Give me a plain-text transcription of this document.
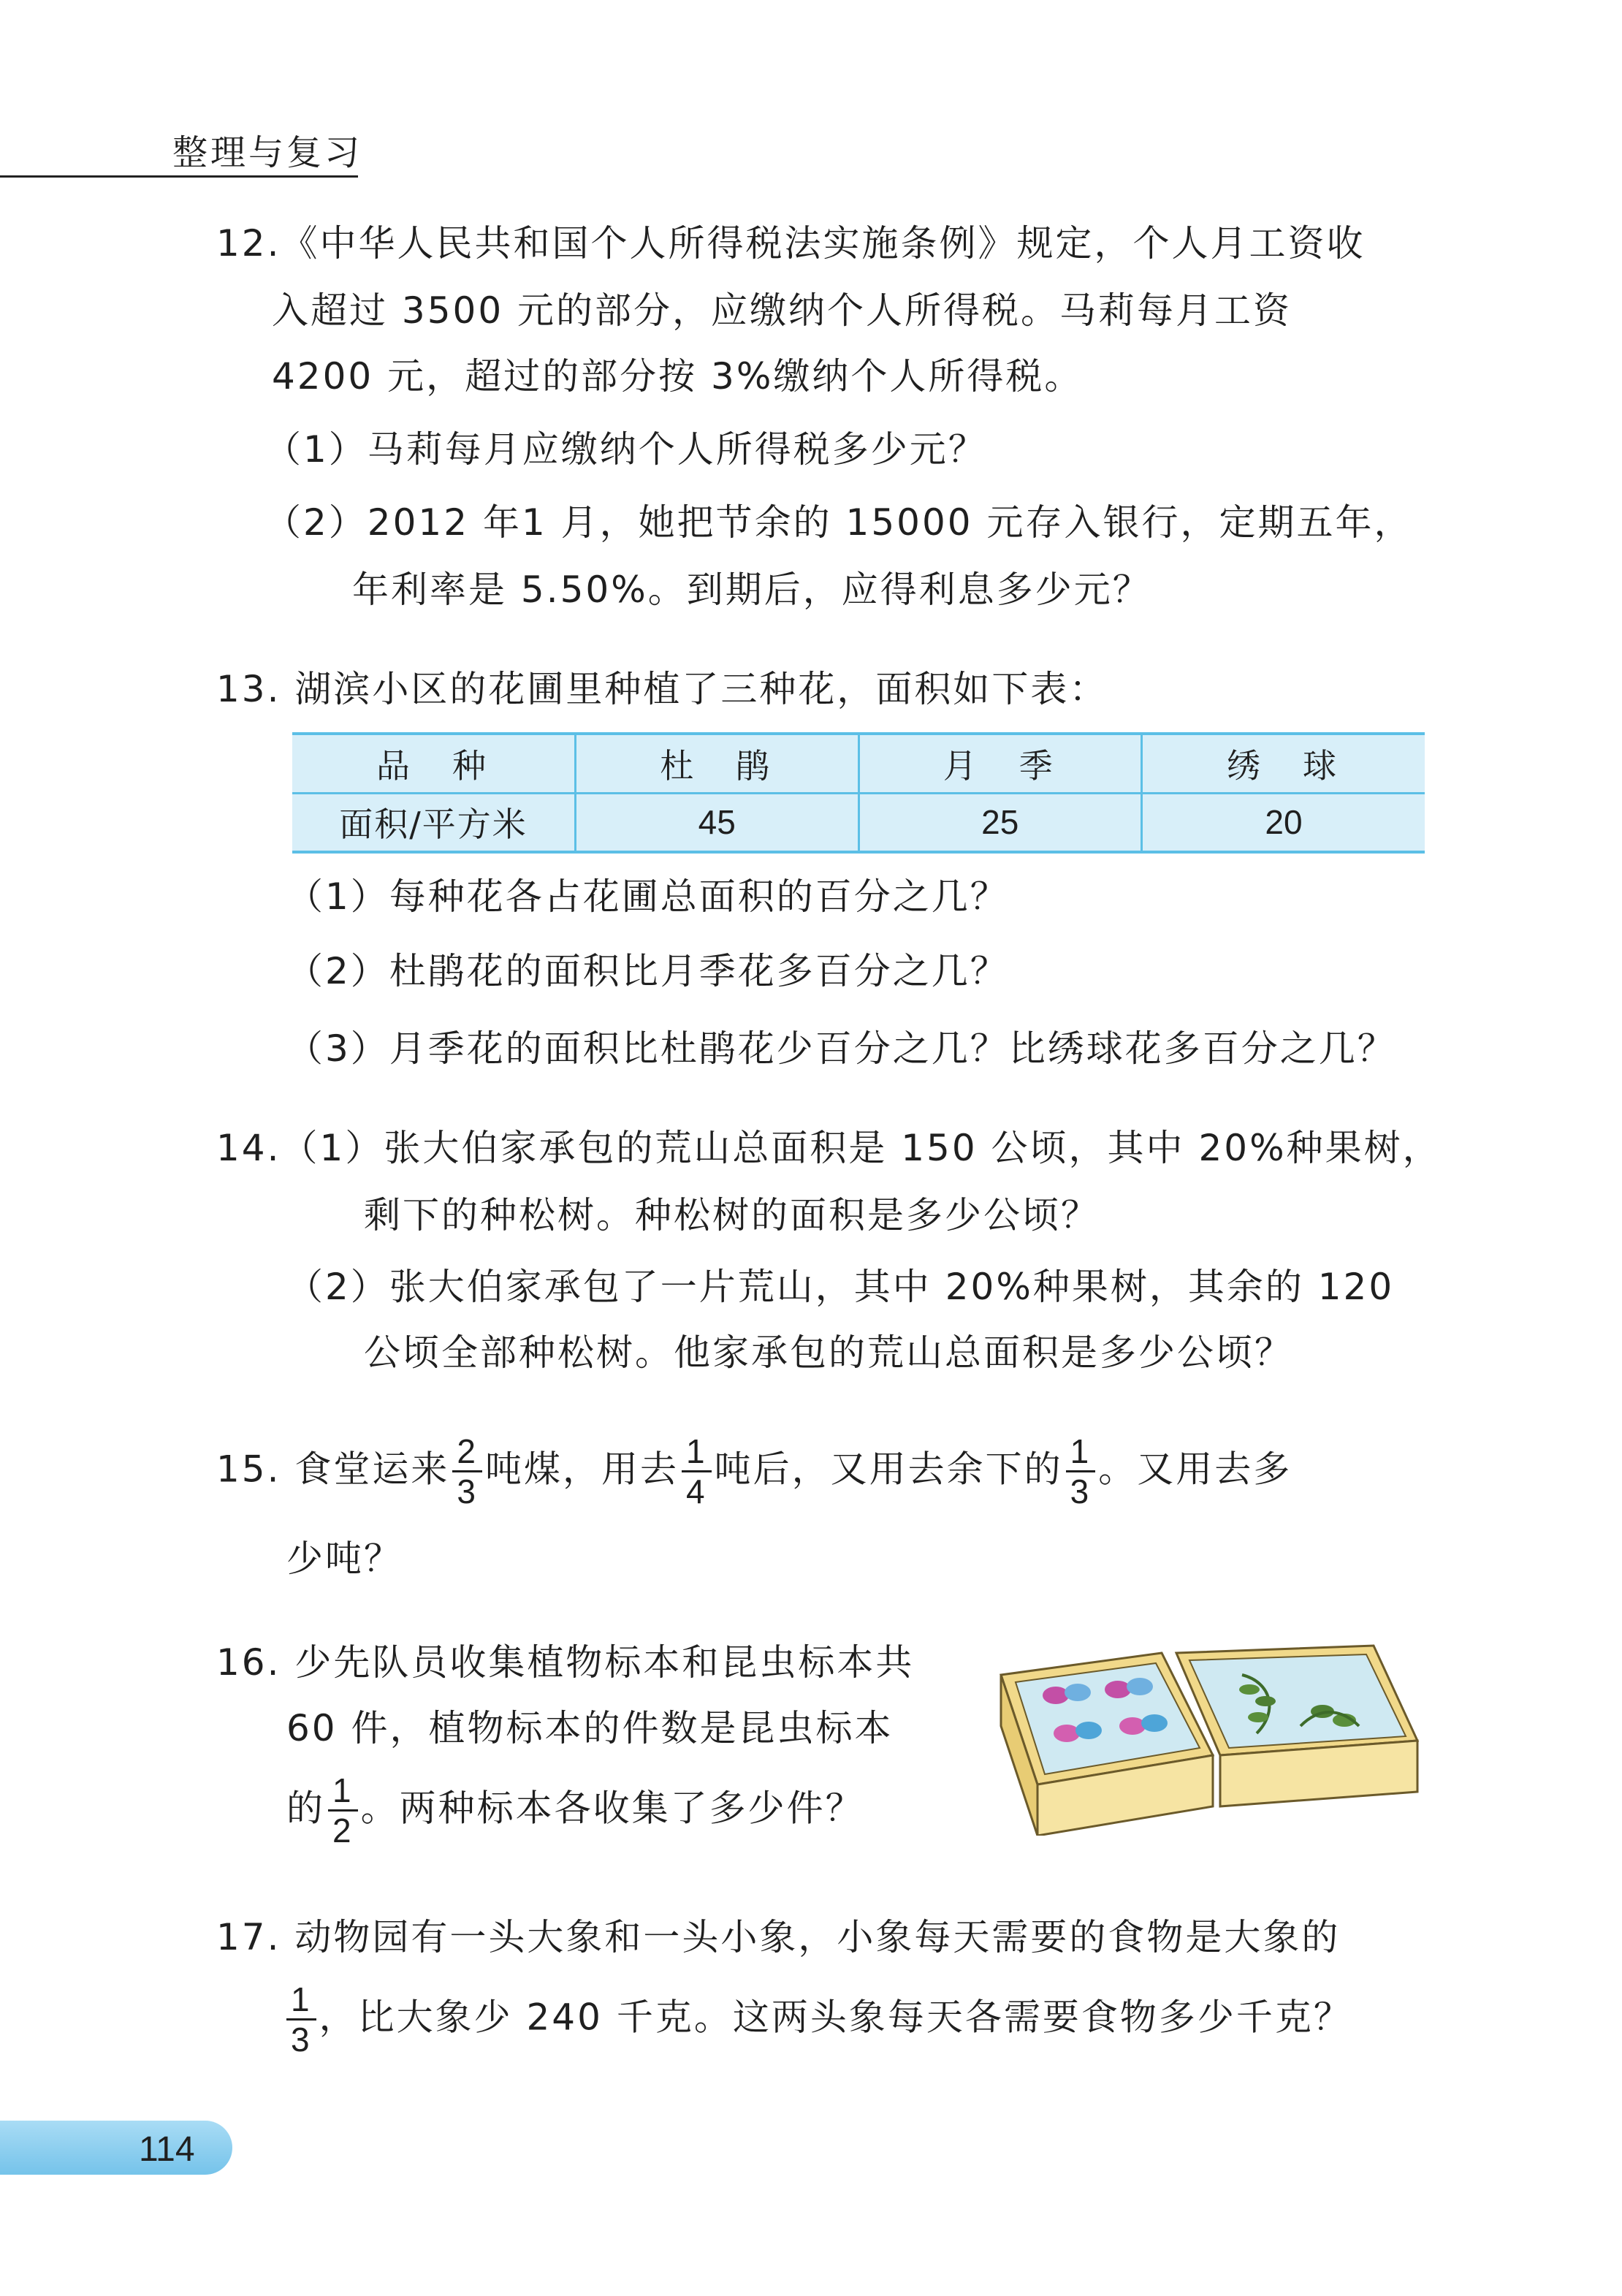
整理与复习
12.《中华人民共和国个人所得税法实施条例》规定，个人月工资收
入超过 3500 元的部分，应缴纳个人所得税。马莉每月工资
4200 元，超过的部分按 3%缴纳个人所得税。
（1）马莉每月应缴纳个人所得税多少元？
（2）2012 年1 月，她把节余的 15000 元存入银行，定期五年，
年利率是 5.50%。到期后，应得利息多少元？
13. 湖滨小区的花圃里种植了三种花，面积如下表：
品　种	杜　鹃	月　季	绣　球
面积/平方米	45	25	20
（1）每种花各占花圃总面积的百分之几？
（2）杜鹃花的面积比月季花多百分之几？
（3）月季花的面积比杜鹃花少百分之几？比绣球花多百分之几？
14.（1）张大伯家承包的荒山总面积是 150 公顷，其中 20%种果树，
剩下的种松树。种松树的面积是多少公顷？
（2）张大伯家承包了一片荒山，其中 20%种果树，其余的 120
公顷全部种松树。他家承包的荒山总面积是多少公顷？
15. 食堂运来 $\frac{2}{3}$ 吨煤，用去 $\frac{1}{4}$ 吨后，又用去余下的 $\frac{1}{3}$ 。又用去多
少吨？
16. 少先队员收集植物标本和昆虫标本共
60 件，植物标本的件数是昆虫标本
的 $\frac{1}{2}$ 。两种标本各收集了多少件？
17. 动物园有一头大象和一头小象，小象每天需要的食物是大象的
$\frac{1}{3}$ ，比大象少 240 千克。这两头象每天各需要食物多少千克？
114
